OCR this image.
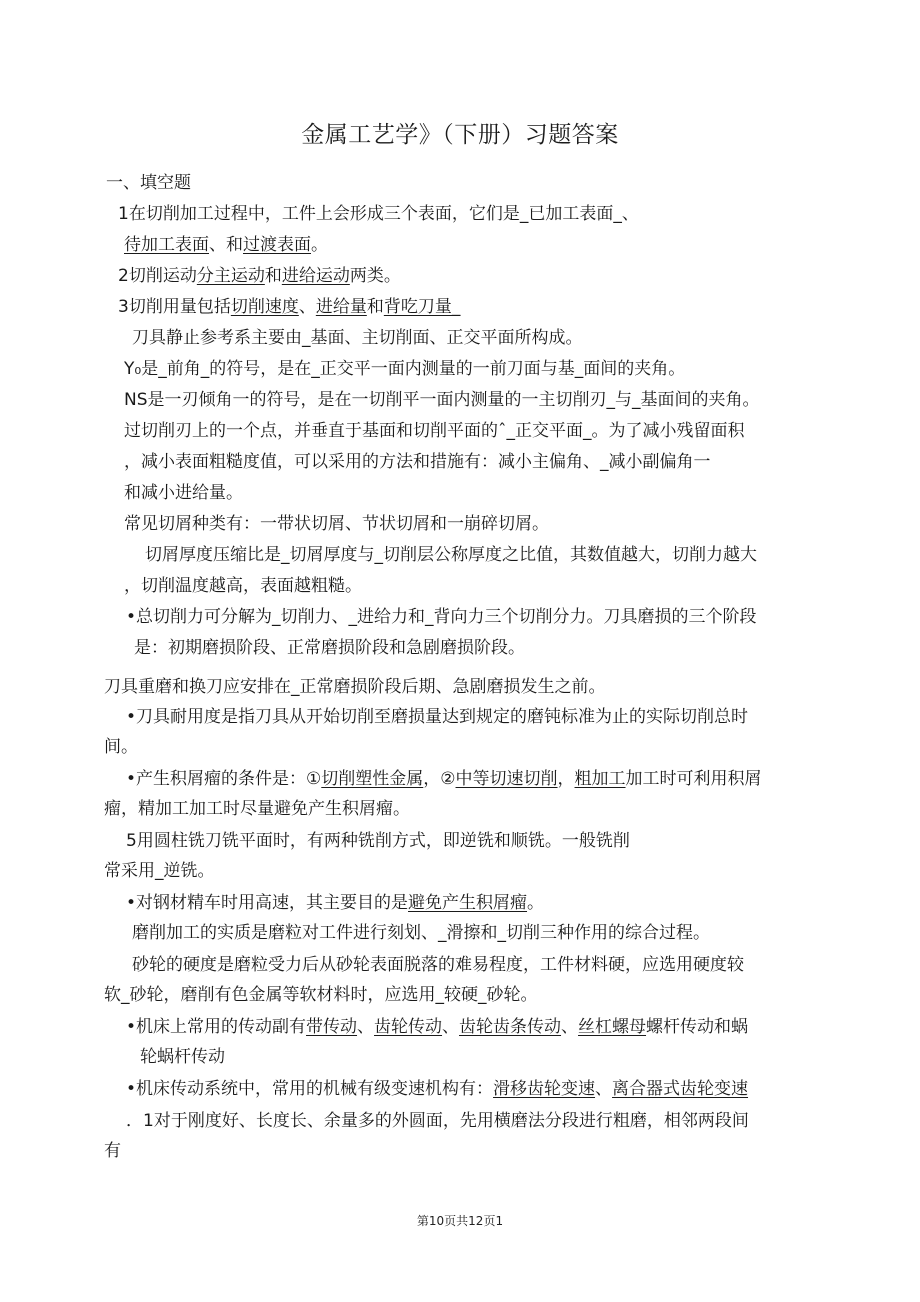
金属工艺学》（下册）习题答案
一、填空题
1在切削加工过程中，工件上会形成三个表面，它们是_已加工表面_、
待加工表面、和过渡表面。
2切削运动分主运动和进给运动两类。
3切削用量包括切削速度、进给量和背吃刀量_
刀具静止参考系主要由_基面、主切削面、正交平面所构成。
Y₀是_前角_的符号，是在_正交平一面内测量的一前刀面与基_面间的夹角。
NS是一刃倾角一的符号，是在一切削平一面内测量的一主切削刃_与_基面间的夹角。
过切削刃上的一个点，并垂直于基面和切削平面的ˆ_正交平面_。为了减小残留面积
，减小表面粗糙度值，可以采用的方法和措施有：减小主偏角、_减小副偏角一
和减小进给量。
常见切屑种类有：一带状切屑、节状切屑和一崩碎切屑。
切屑厚度压缩比是_切屑厚度与_切削层公称厚度之比值，其数值越大，切削力越大
，切削温度越高，表面越粗糙。
•总切削力可分解为_切削力、_进给力和_背向力三个切削分力。刀具磨损的三个阶段
是：初期磨损阶段、正常磨损阶段和急剧磨损阶段。
刀具重磨和换刀应安排在_正常磨损阶段后期、急剧磨损发生之前。
•刀具耐用度是指刀具从开始切削至磨损量达到规定的磨钝标准为止的实际切削总时
间。
•产生积屑瘤的条件是：①切削塑性金属，②中等切速切削，粗加工加工时可利用积屑
瘤，精加工加工时尽量避免产生积屑瘤。
5用圆柱铣刀铣平面时，有两种铣削方式，即逆铣和顺铣。一般铣削
常采用_逆铣。
•对钢材精车时用高速，其主要目的是避免产生积屑瘤。
磨削加工的实质是磨粒对工件进行刻划、_滑擦和_切削三种作用的综合过程。
砂轮的硬度是磨粒受力后从砂轮表面脱落的难易程度，工件材料硬，应选用硬度较
软_砂轮，磨削有色金属等软材料时，应选用_较硬_砂轮。
•机床上常用的传动副有带传动、齿轮传动、齿轮齿条传动、丝杠螺母螺杆传动和蜗
轮蜗杆传动
•机床传动系统中，常用的机械有级变速机构有：滑移齿轮变速、离合器式齿轮变速
．1对于刚度好、长度长、余量多的外圆面，先用横磨法分段进行粗磨，相邻两段间
有
第10页共12页1
